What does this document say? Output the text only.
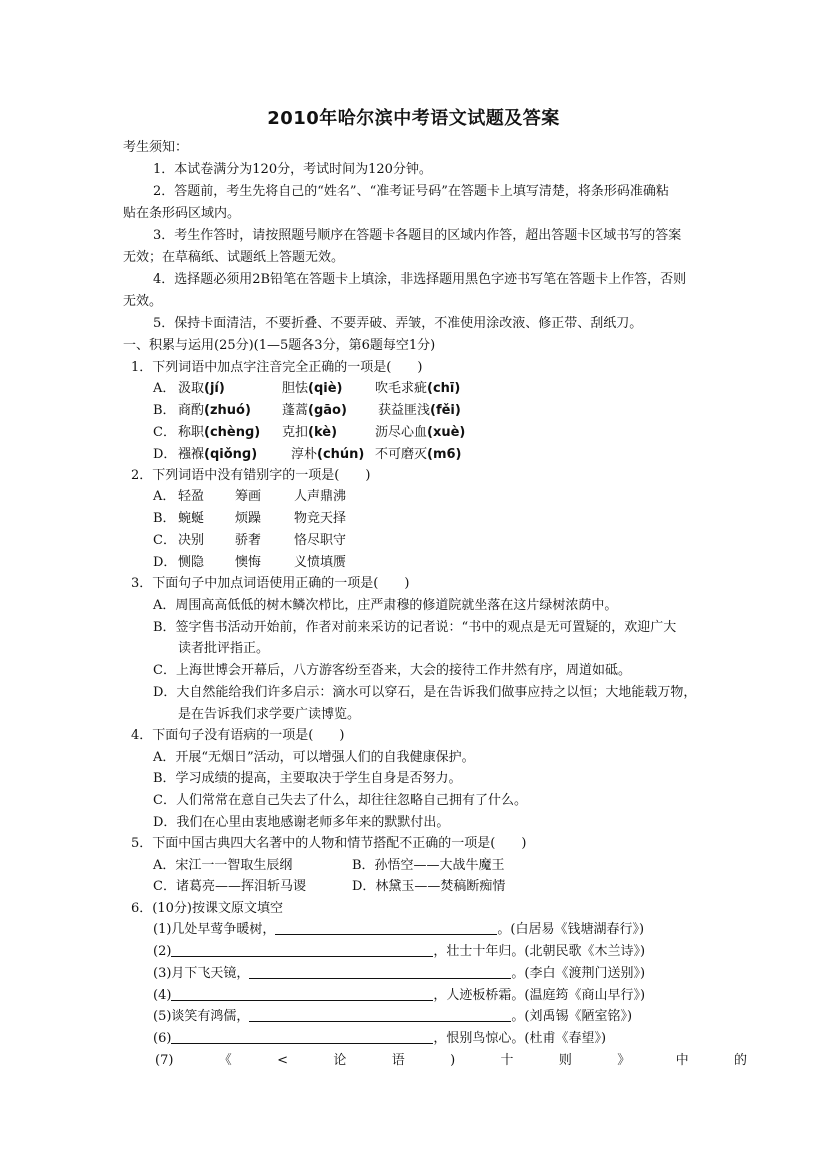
2010年哈尔滨中考语文试题及答案
考生须知：
1．本试卷满分为120分，考试时间为120分钟。
2．答题前，考生先将自己的“姓名”、“准考证号码”在答题卡上填写清楚，将条形码准确粘
贴在条形码区域内。
3．考生作答时，请按照题号顺序在答题卡各题目的区域内作答，超出答题卡区域书写的答案
无效；在草稿纸、试题纸上答题无效。
4．选择题必须用2B铅笔在答题卡上填涂，非选择题用黑色字迹书写笔在答题卡上作答，否则
无效。
5．保持卡面清洁，不要折叠、不要弄破、弄皱，不准使用涂改液、修正带、刮纸刀。
一、积累与运用(25分)(1—5题各3分，第6题每空1分)
1．下列词语中加点字注音完全正确的一项是(　　)
A． 汲取(jí)	胆怯(qiè)	吹毛求疵(chī)
B． 商酌(zhuó) 蓬蒿(gāo) 获益匪浅(fěi)
C． 称职(chènɡ) 克扣(kè)	沥尽心血(xuè)
D． 襁褓(qiǒnɡ)	淳朴(chún) 不可磨灭(m6)
2．下列词语中没有错别字的一项是(　　)
A． 轻盈 筹画	人声鼎沸
B． 蜿蜒 烦躁	物竞天择
C． 决别 骄奢	恪尽职守
D． 恻隐 懊悔	义愤填赝
3．下面句子中加点词语使用正确的一项是(　　)
A．周围高高低低的树木鳞次栉比，庄严肃穆的修道院就坐落在这片绿树浓荫中。
B．签字售书活动开始前，作者对前来采访的记者说：“书中的观点是无可置疑的，欢迎广大
读者批评指正。
C．上海世博会开幕后，八方游客纷至沓来，大会的接待工作井然有序，周道如砥。
D．大自然能给我们许多启示：滴水可以穿石，是在告诉我们做事应持之以恒；大地能载万物，
是在告诉我们求学要广读博览。
4．下面句子没有语病的一项是(　　)
A．开展“无烟日”活动，可以增强人们的自我健康保护。
B．学习成绩的提高，主要取决于学生自身是否努力。
C．人们常常在意自己失去了什么，却往往忽略自己拥有了什么。
D．我们在心里由衷地感谢老师多年来的默默付出。
5．下面中国古典四大名著中的人物和情节搭配不正确的一项是(　　)
A．宋江一一智取生辰纲	B．孙悟空——大战牛魔王
C．诸葛亮——挥泪斩马谡	D．林黛玉——焚稿断痴情
6．(10分)按课文原文填空
(1)几处早莺争暖树，	。(白居易《钱塘湖春行》)
(2)	，壮士十年归。(北朝民歌《木兰诗》)
(3)月下飞天镜，	。(李白《渡荆门送别》)
(4)	，人迹板桥霜。(温庭筠《商山早行》)
(5)谈笑有鸿儒，	。(刘禹锡《陋室铭》)
(6)	，恨别鸟惊心。(杜甫《春望》)
(7)	《	<	论	语	)	十	则	》	中	的
